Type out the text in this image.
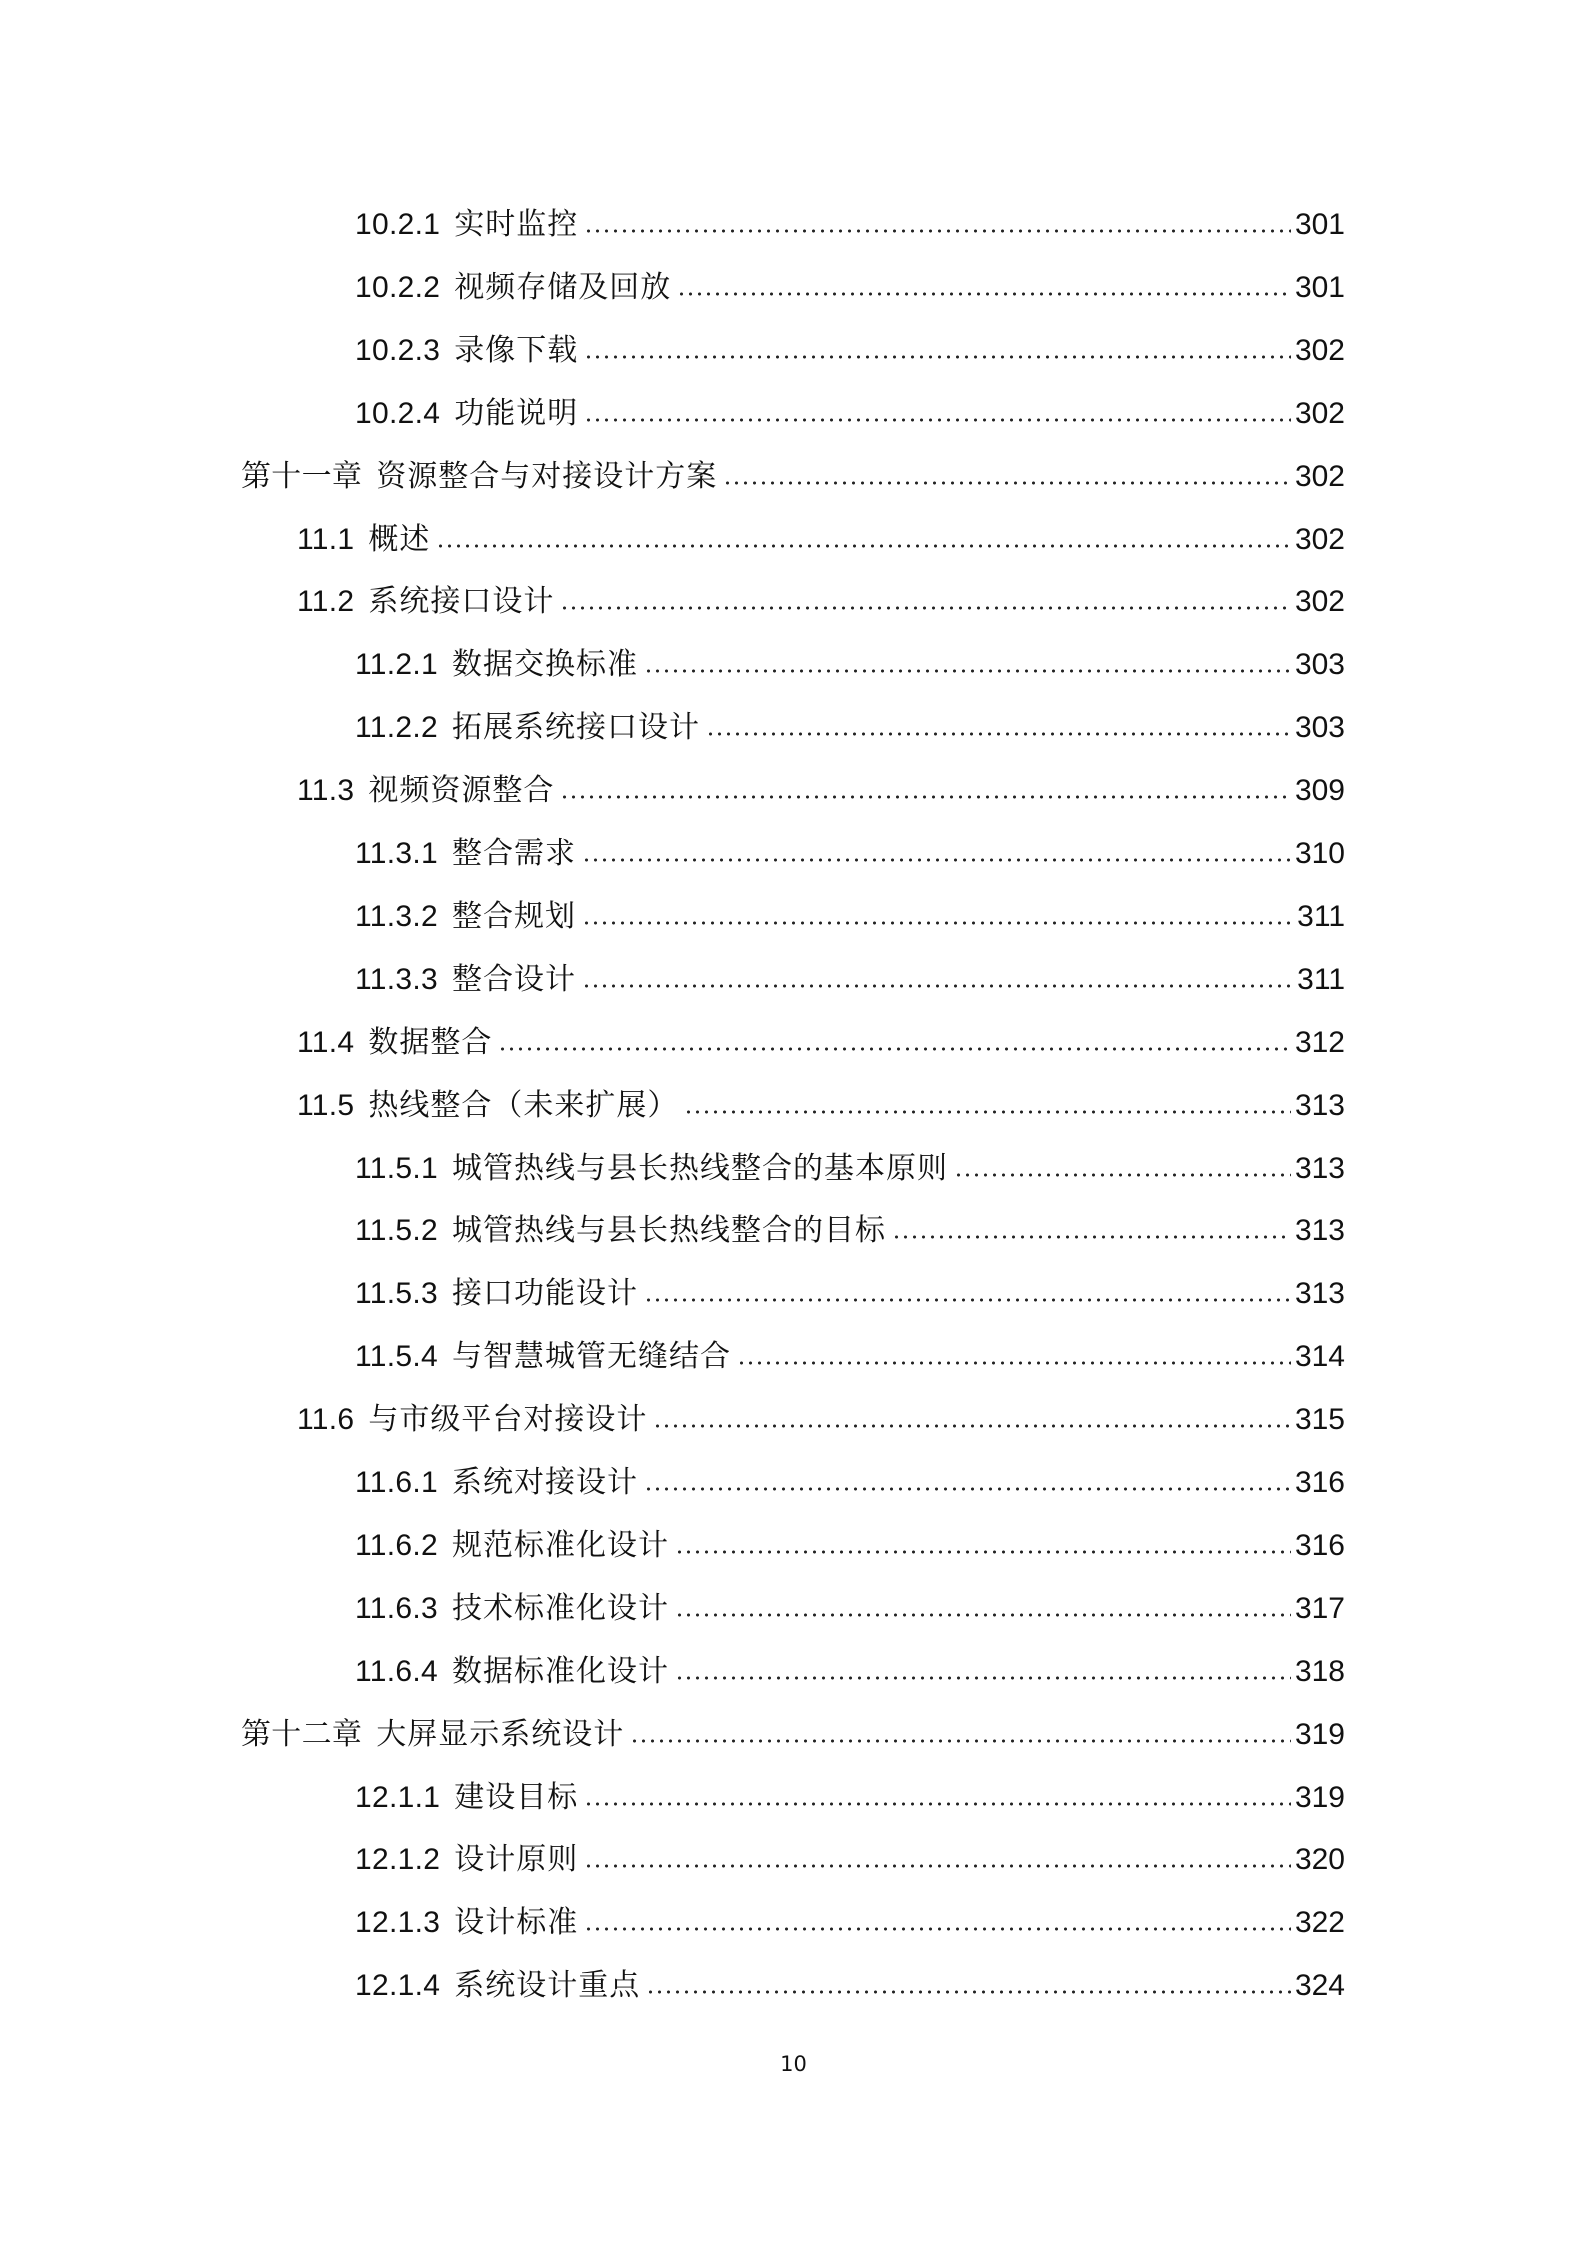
10.2.1 实时监控	301
10.2.2 视频存储及回放	301
10.2.3 录像下载	302
10.2.4 功能说明	302
第十一章 资源整合与对接设计方案	302
11.1 概述	302
11.2 系统接口设计	302
11.2.1 数据交换标准	303
11.2.2 拓展系统接口设计	303
11.3 视频资源整合	309
11.3.1 整合需求	310
11.3.2 整合规划	311
11.3.3 整合设计	311
11.4 数据整合	312
11.5 热线整合（未来扩展）	313
11.5.1 城管热线与县长热线整合的基本原则	313
11.5.2 城管热线与县长热线整合的目标	313
11.5.3 接口功能设计	313
11.5.4 与智慧城管无缝结合	314
11.6 与市级平台对接设计	315
11.6.1 系统对接设计	316
11.6.2 规范标准化设计	316
11.6.3 技术标准化设计	317
11.6.4 数据标准化设计	318
第十二章 大屏显示系统设计	319
12.1.1 建设目标	319
12.1.2 设计原则	320
12.1.3 设计标准	322
12.1.4 系统设计重点	324
10
